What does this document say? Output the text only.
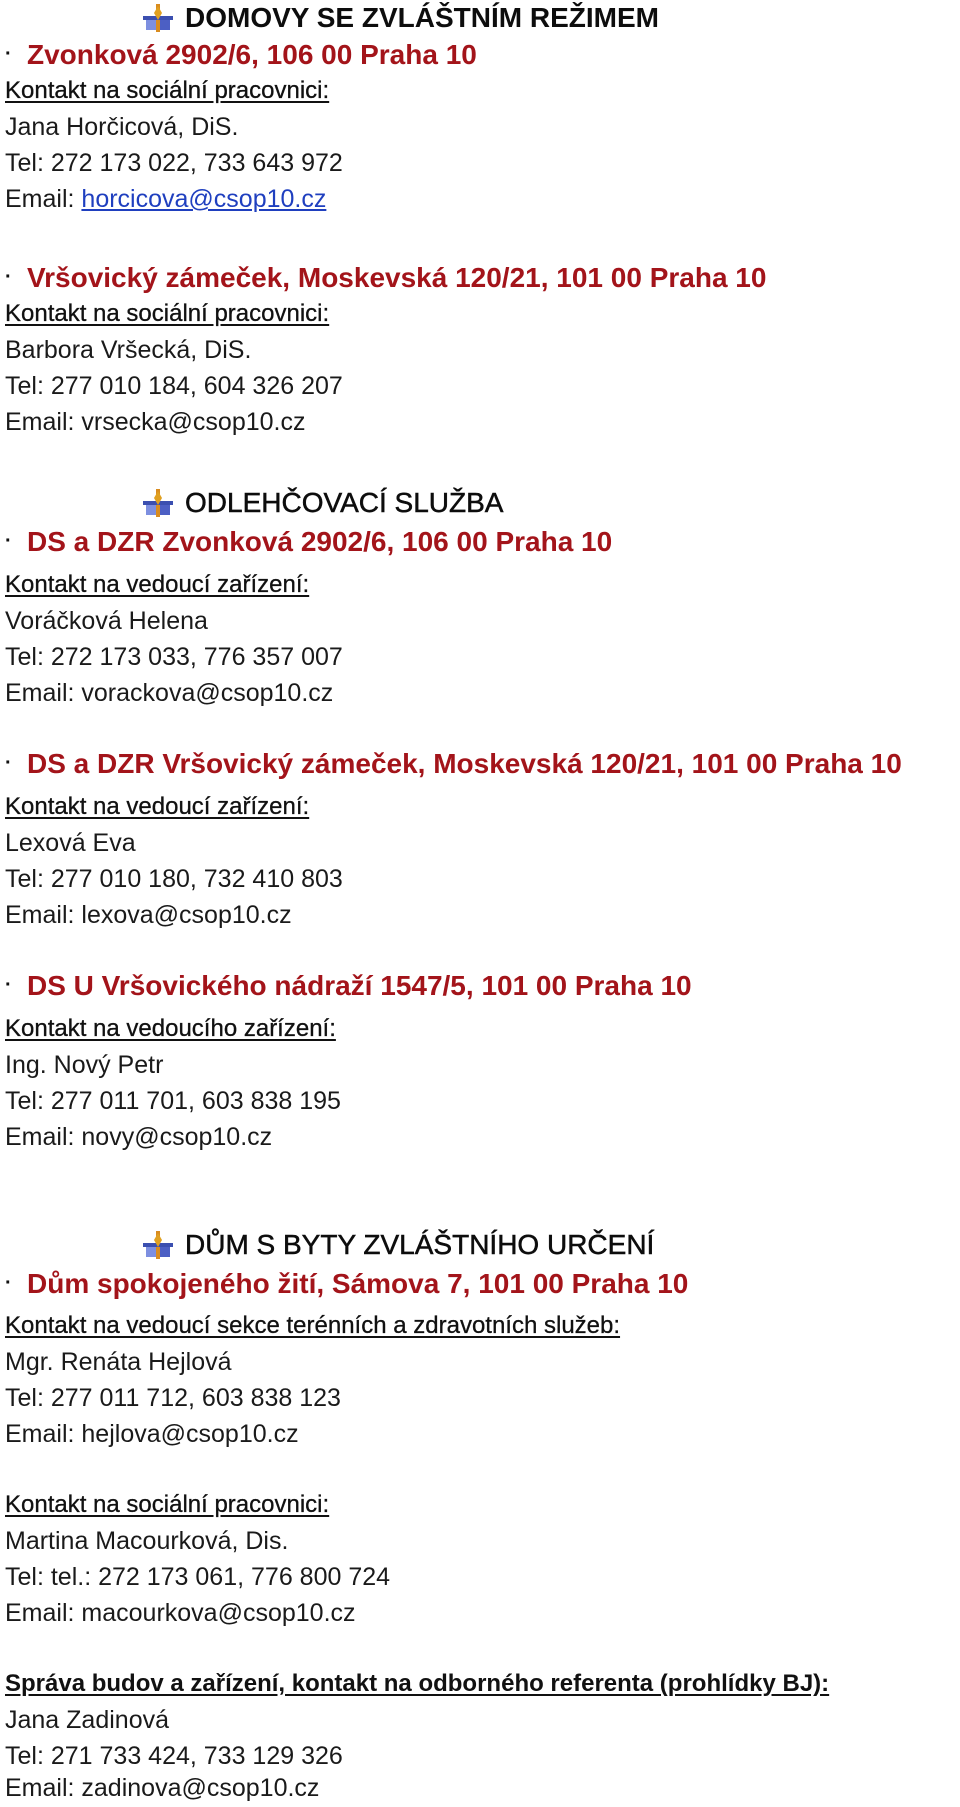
DOMOVY SE ZVLÁŠTNÍM REŽIMEM
· Zvonková 2902/6, 106 00 Praha 10
Kontakt na sociální pracovnici:
Jana Horčicová, DiS.
Tel: 272 173 022, 733 643 972
Email: horcicova@csop10.cz
· Vršovický zámeček, Moskevská 120/21, 101 00 Praha 10
Kontakt na sociální pracovnici:
Barbora Vršecká, DiS.
Tel: 277 010 184, 604 326 207
Email: vrsecka@csop10.cz
ODLEHČOVACÍ SLUŽBA
· DS a DZR Zvonková 2902/6, 106 00 Praha 10
Kontakt na vedoucí zařízení:
Voráčková Helena
Tel: 272 173 033, 776 357 007
Email: vorackova@csop10.cz
· DS a DZR Vršovický zámeček, Moskevská 120/21, 101 00 Praha 10
Kontakt na vedoucí zařízení:
Lexová Eva
Tel: 277 010 180, 732 410 803
Email: lexova@csop10.cz
· DS U Vršovického nádraží 1547/5, 101 00 Praha 10
Kontakt na vedoucího zařízení:
Ing. Nový Petr
Tel: 277 011 701, 603 838 195
Email: novy@csop10.cz
DŮM S BYTY ZVLÁŠTNÍHO URČENÍ
· Dům spokojeného žití, Sámova 7, 101 00 Praha 10
Kontakt na vedoucí sekce terénních a zdravotních služeb:
Mgr. Renáta Hejlová
Tel: 277 011 712, 603 838 123
Email: hejlova@csop10.cz
Kontakt na sociální pracovnici:
Martina Macourková, Dis.
Tel: tel.: 272 173 061, 776 800 724
Email: macourkova@csop10.cz
Správa budov a zařízení, kontakt na odborného referenta (prohlídky BJ):
Jana Zadinová
Tel: 271 733 424, 733 129 326
Email: zadinova@csop10.cz
